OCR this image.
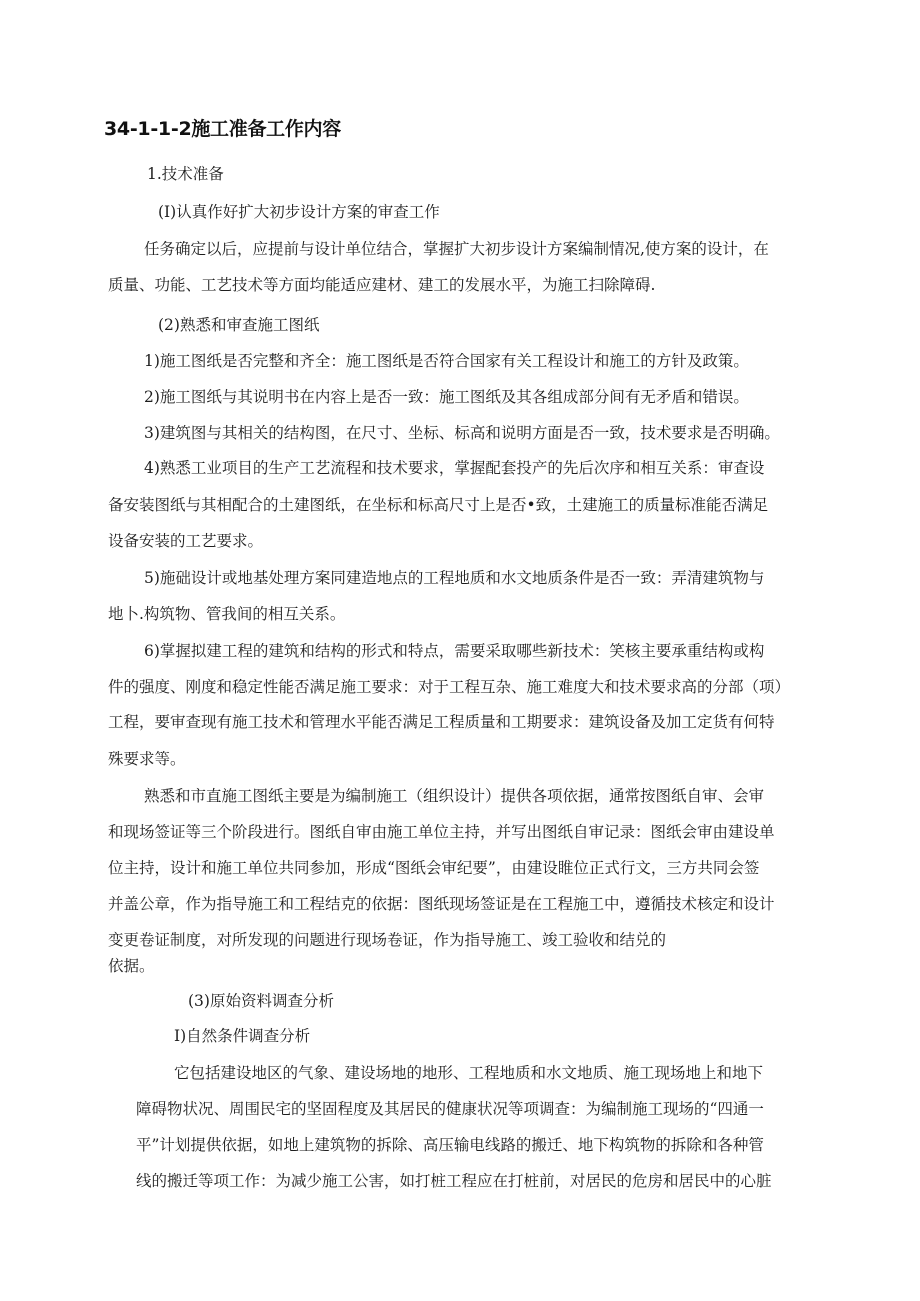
34-1-1-2施工准备工作内容
1.技术准备
(I)认真作好扩大初步设计方案的审查工作
任务确定以后，应提前与设计单位结合，掌握扩大初步设计方案编制情况,使方案的设计，在
质量、功能、工艺技术等方面均能适应建材、建工的发展水平，为施工扫除障碍.
(2)熟悉和审查施工图纸
1)施工图纸是否完整和齐全：施工图纸是否符合国家有关工程设计和施工的方针及政策。
2)施工图纸与其说明书在内容上是否一致：施工图纸及其各组成部分间有无矛盾和错误。
3)建筑图与其相关的结构图，在尺寸、坐标、标高和说明方面是否一致，技术要求是否明确。
4)熟悉工业项目的生产工艺流程和技术要求，掌握配套投产的先后次序和相互关系：审查设
备安装图纸与其相配合的土建图纸，在坐标和标高尺寸上是否•致，土建施工的质量标准能否满足
设备安装的工艺要求。
5)施础设计或地基处理方案同建造地点的工程地质和水文地质条件是否一致：弄清建筑物与
地卜.构筑物、管我间的相互关系。
6)掌握拟建工程的建筑和结构的形式和特点，需要采取哪些新技术：笑核主要承重结构或构
件的强度、刚度和稳定性能否满足施工要求：对于工程互杂、施工难度大和技术要求高的分部（项）
工程，要审查现有施工技术和管理水平能否满足工程质量和工期要求：建筑设备及加工定货有何特
殊要求等。
熟悉和市直施工图纸主要是为编制施工（组织设计）提供各项依据，通常按图纸自审、会审
和现场签证等三个阶段进行。图纸自审由施工单位主持，并写出图纸自审记录：图纸会审由建设单
位主持，设计和施工单位共同参加，形成“图纸会审纪要”，由建设睢位正式行文，三方共同会签
并盖公章，作为指导施工和工程结克的依据：图纸现场签证是在工程施工中，遵循技术核定和设计
变更卷证制度，对所发现的问题进行现场卷证，作为指导施工、竣工验收和结兑的
依据。
(3)原始资料调查分析
I)自然条件调查分析
它包括建设地区的气象、建设场地的地形、工程地质和水文地质、施工现场地上和地下
障碍物状况、周围民宅的坚固程度及其居民的健康状况等项调查：为编制施工现场的“四通一
平”计划提供依据，如地上建筑物的拆除、高压输电线路的搬迁、地下构筑物的拆除和各种管
线的搬迁等项工作：为减少施工公害，如打桩工程应在打桩前，对居民的危房和居民中的心脏
